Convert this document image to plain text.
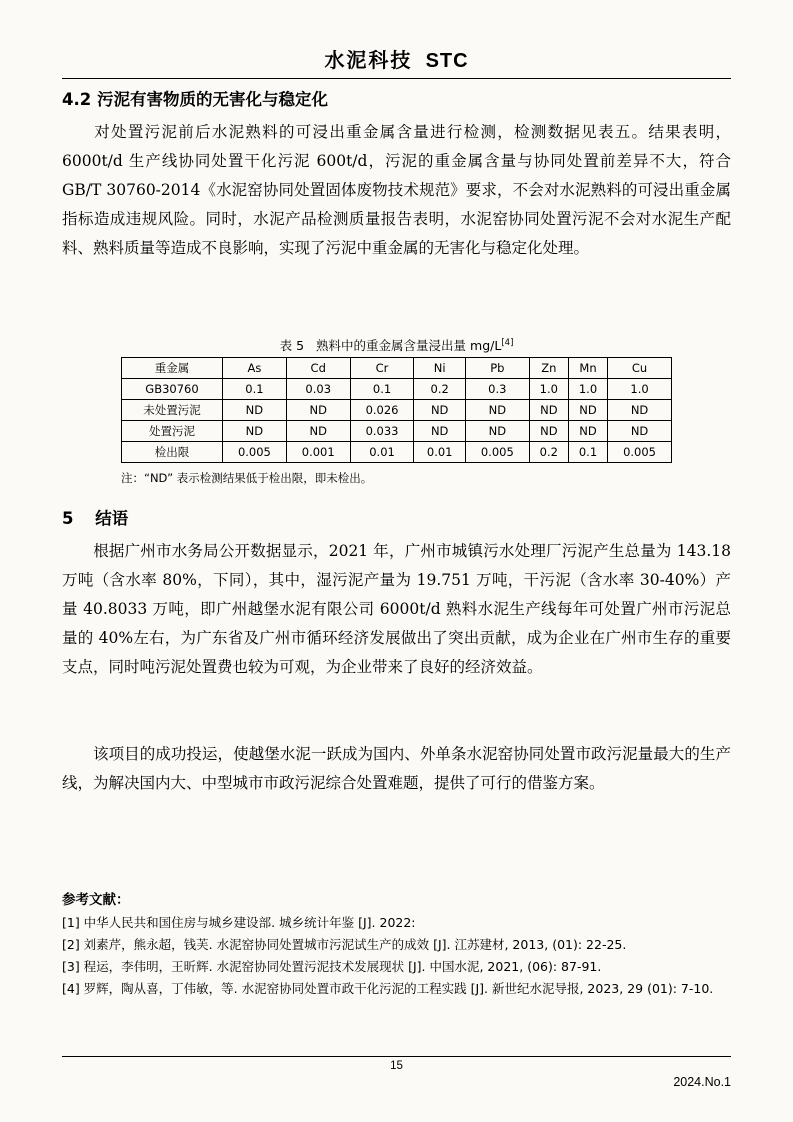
水泥科技 STC
4.2 污泥有害物质的无害化与稳定化
对处置污泥前后水泥熟料的可浸出重金属含量进行检测，检测数据见表五。结果表明，6000t/d 生产线协同处置干化污泥 600t/d，污泥的重金属含量与协同处置前差异不大，符合 GB/T 30760-2014《水泥窑协同处置固体废物技术规范》要求，不会对水泥熟料的可浸出重金属指标造成违规风险。同时，水泥产品检测质量报告表明，水泥窑协同处置污泥不会对水泥生产配料、熟料质量等造成不良影响，实现了污泥中重金属的无害化与稳定化处理。
表 5 熟料中的重金属含量浸出量 mg/L[4]
重金属	As	Cd	Cr	Ni	Pb	Zn	Mn	Cu
GB30760	0.1	0.03	0.1	0.2	0.3	1.0	1.0	1.0
未处置污泥	ND	ND	0.026	ND	ND	ND	ND	ND
处置污泥	ND	ND	0.033	ND	ND	ND	ND	ND
检出限	0.005	0.001	0.01	0.01	0.005	0.2	0.1	0.005
注：“ND” 表示检测结果低于检出限，即未检出。
5 结语
根据广州市水务局公开数据显示，2021 年，广州市城镇污水处理厂污泥产生总量为 143.18 万吨（含水率 80%，下同），其中，湿污泥产量为 19.751 万吨，干污泥（含水率 30-40%）产量 40.8033 万吨，即广州越堡水泥有限公司 6000t/d 熟料水泥生产线每年可处置广州市污泥总量的 40%左右，为广东省及广州市循环经济发展做出了突出贡献，成为企业在广州市生存的重要支点，同时吨污泥处置费也较为可观，为企业带来了良好的经济效益。
该项目的成功投运，使越堡水泥一跃成为国内、外单条水泥窑协同处置市政污泥量最大的生产线，为解决国内大、中型城市市政污泥综合处置难题，提供了可行的借鉴方案。
参考文献：
[1] 中华人民共和国住房与城乡建设部. 城乡统计年鉴 [J]. 2022:
[2] 刘素芹，熊永超，钱芙. 水泥窑协同处置城市污泥试生产的成效 [J]. 江苏建材, 2013, (01): 22-25.
[3] 程运，李伟明，王昕辉. 水泥窑协同处置污泥技术发展现状 [J]. 中国水泥, 2021, (06): 87-91.
[4] 罗辉，陶从喜，丁伟敏，等. 水泥窑协同处置市政干化污泥的工程实践 [J]. 新世纪水泥导报, 2023, 29 (01): 7-10.
15
2024.No.1
